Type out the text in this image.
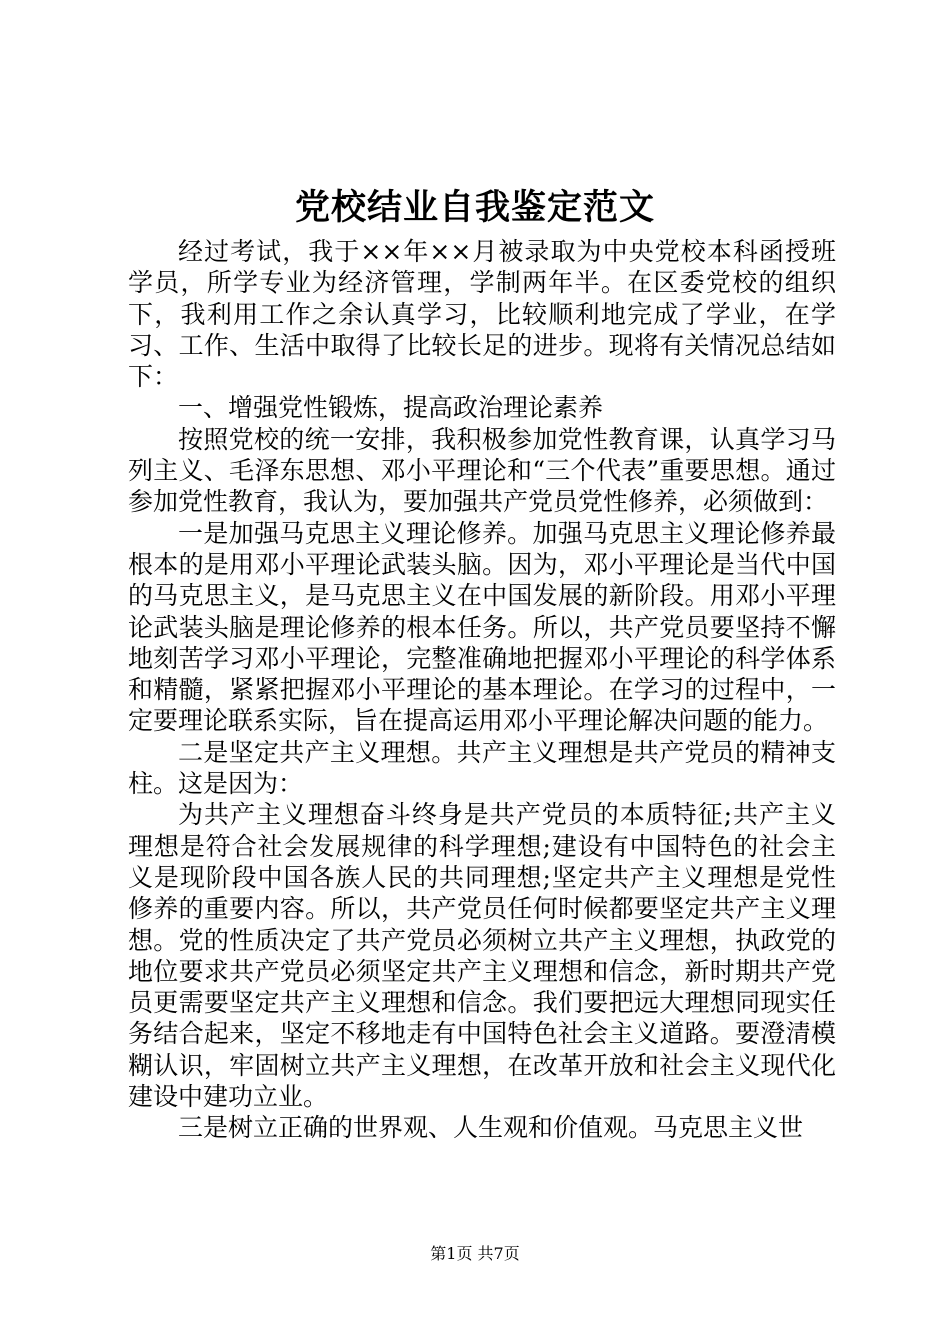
党校结业自我鉴定范文

经过考试，我于××年××月被录取为中央党校本科函授班学员，所学专业为经济管理，学制两年半。在区委党校的组织下，我利用工作之余认真学习，比较顺利地完成了学业，在学习、工作、生活中取得了比较长足的进步。现将有关情况总结如下：

一、增强党性锻炼，提高政治理论素养

按照党校的统一安排，我积极参加党性教育课，认真学习马列主义、毛泽东思想、邓小平理论和“三个代表”重要思想。通过参加党性教育，我认为，要加强共产党员党性修养，必须做到：

一是加强马克思主义理论修养。加强马克思主义理论修养最根本的是用邓小平理论武装头脑。因为，邓小平理论是当代中国的马克思主义，是马克思主义在中国发展的新阶段。用邓小平理论武装头脑是理论修养的根本任务。所以，共产党员要坚持不懈地刻苦学习邓小平理论，完整准确地把握邓小平理论的科学体系和精髓，紧紧把握邓小平理论的基本理论。在学习的过程中，一定要理论联系实际，旨在提高运用邓小平理论解决问题的能力。

二是坚定共产主义理想。共产主义理想是共产党员的精神支柱。这是因为：

为共产主义理想奋斗终身是共产党员的本质特征;共产主义理想是符合社会发展规律的科学理想;建设有中国特色的社会主义是现阶段中国各族人民的共同理想;坚定共产主义理想是党性修养的重要内容。所以，共产党员任何时候都要坚定共产主义理想。党的性质决定了共产党员必须树立共产主义理想，执政党的地位要求共产党员必须坚定共产主义理想和信念，新时期共产党员更需要坚定共产主义理想和信念。我们要把远大理想同现实任务结合起来，坚定不移地走有中国特色社会主义道路。要澄清模糊认识，牢固树立共产主义理想，在改革开放和社会主义现代化建设中建功立业。

三是树立正确的世界观、人生观和价值观。马克思主义世

第1页 共7页
